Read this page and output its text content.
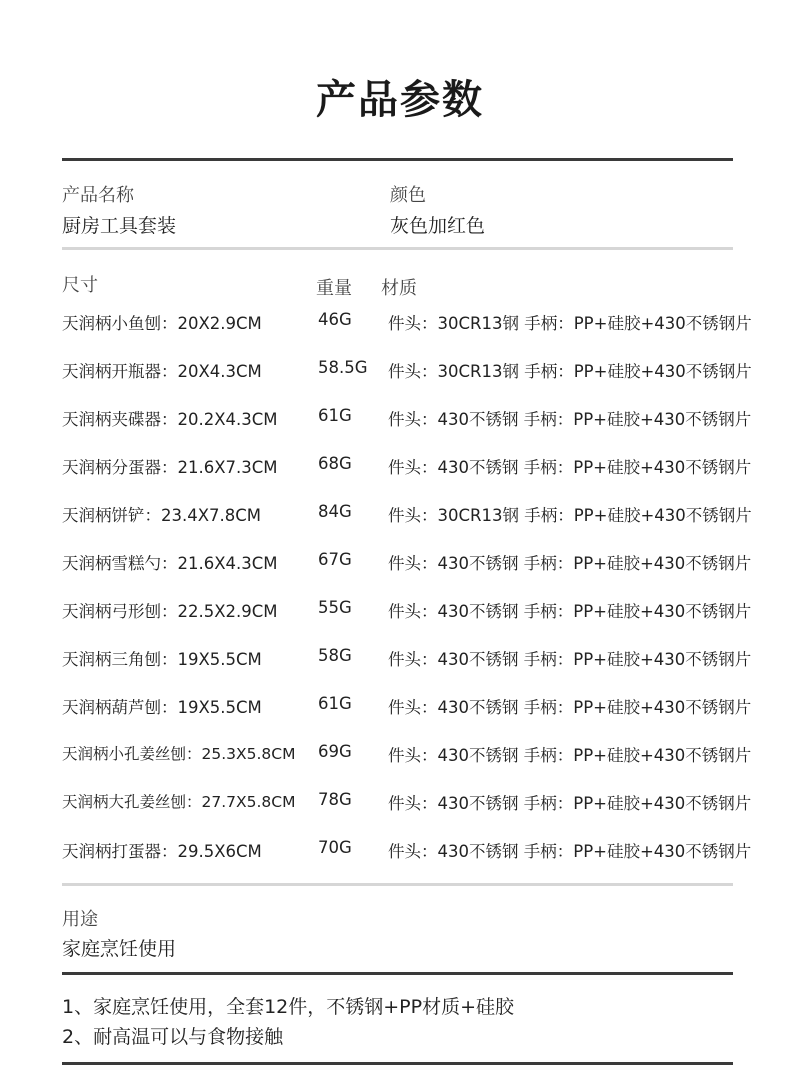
产品参数
产品名称
厨房工具套装
颜色
灰色加红色
尺寸	重量 材质
天润柄小鱼刨：20X2.9CM	46G 件头：30CR13钢 手柄：PP+硅胶+430不锈钢片
天润柄开瓶器：20X4.3CM	58.5G 件头：30CR13钢 手柄：PP+硅胶+430不锈钢片
天润柄夹碟器：20.2X4.3CM 61G 件头：430不锈钢 手柄：PP+硅胶+430不锈钢片
天润柄分蛋器：21.6X7.3CM 68G 件头：430不锈钢 手柄：PP+硅胶+430不锈钢片
天润柄饼铲：23.4X7.8CM	84G 件头：30CR13钢 手柄：PP+硅胶+430不锈钢片
天润柄雪糕勺：21.6X4.3CM 67G 件头：430不锈钢 手柄：PP+硅胶+430不锈钢片
天润柄弓形刨：22.5X2.9CM 55G 件头：430不锈钢 手柄：PP+硅胶+430不锈钢片
天润柄三角刨：19X5.5CM	58G 件头：430不锈钢 手柄：PP+硅胶+430不锈钢片
天润柄葫芦刨：19X5.5CM	61G 件头：430不锈钢 手柄：PP+硅胶+430不锈钢片
天润柄小孔姜丝刨：25.3X5.8CM 69G 件头：430不锈钢 手柄：PP+硅胶+430不锈钢片
天润柄大孔姜丝刨：27.7X5.8CM 78G 件头：430不锈钢 手柄：PP+硅胶+430不锈钢片
天润柄打蛋器：29.5X6CM	70G 件头：430不锈钢 手柄：PP+硅胶+430不锈钢片
用途
家庭烹饪使用
1、家庭烹饪使用，全套12件，不锈钢+PP材质+硅胶
2、耐高温可以与食物接触
